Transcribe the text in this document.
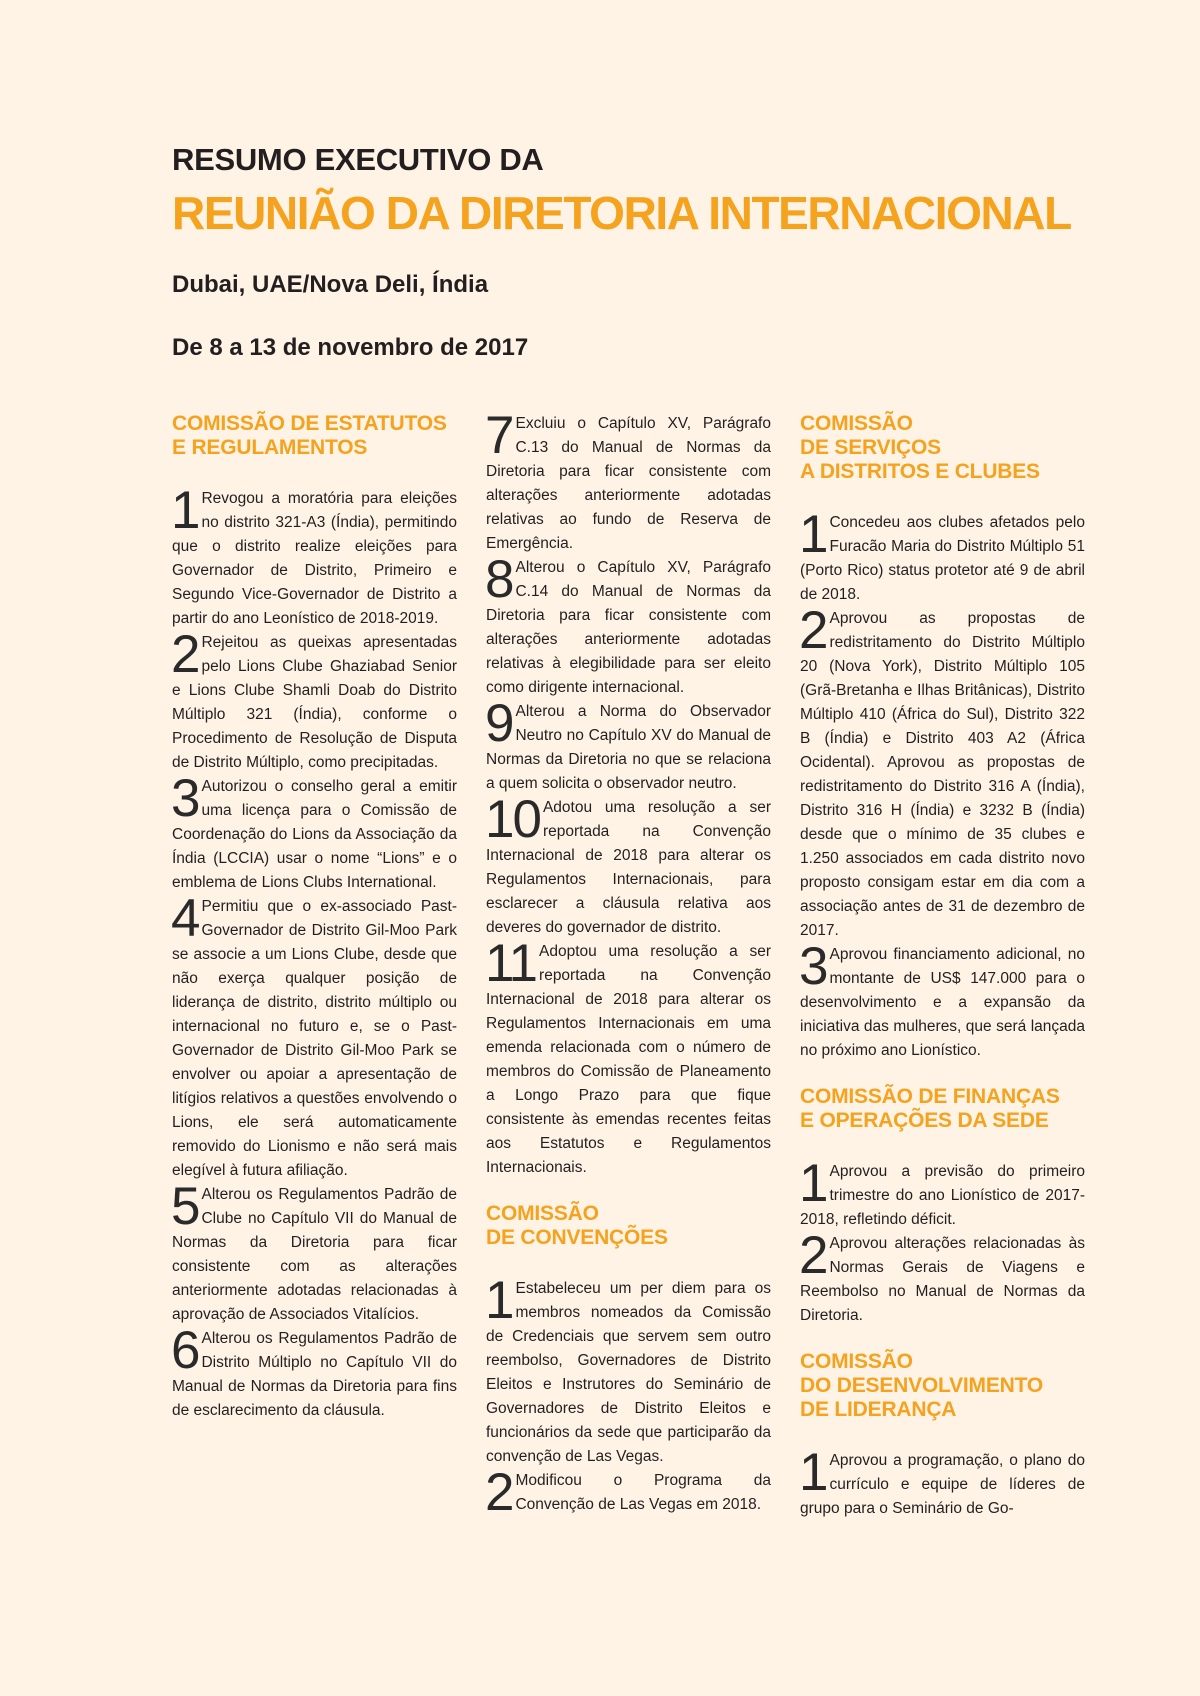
RESUMO EXECUTIVO DA
REUNIÃO DA DIRETORIA INTERNACIONAL

Dubai, UAE/Nova Deli, Índia

De 8 a 13 de novembro de 2017

COMISSÃO DE ESTATUTOS
E REGULAMENTOS

1 Revogou a moratória para eleições no distrito 321-A3 (Índia), permitindo que o distrito realize eleições para Governador de Distrito, Primeiro e Segundo Vice-Governador de Distrito a partir do ano Leonístico de 2018-2019.

2 Rejeitou as queixas apresentadas pelo Lions Clube Ghaziabad Senior e Lions Clube Shamli Doab do Distrito Múltiplo 321 (Índia), conforme o Procedimento de Resolução de Disputa de Distrito Múltiplo, como precipitadas.

3 Autorizou o conselho geral a emitir uma licença para o Comissão de Coordenação do Lions da Associação da Índia (LCCIA) usar o nome “Lions” e o emblema de Lions Clubs International.

4 Permitiu que o ex-associado Past-Governador de Distrito Gil-Moo Park se associe a um Lions Clube, desde que não exerça qualquer posição de liderança de distrito, distrito múltiplo ou internacional no futuro e, se o Past-Governador de Distrito Gil-Moo Park se envolver ou apoiar a apresentação de litígios relativos a questões envolvendo o Lions, ele será automaticamente removido do Lionismo e não será mais elegível à futura afiliação.

5 Alterou os Regulamentos Padrão de Clube no Capítulo VII do Manual de Normas da Diretoria para ficar consistente com as alterações anteriormente adotadas relacionadas à aprovação de Associados Vitalícios.

6 Alterou os Regulamentos Padrão de Distrito Múltiplo no Capítulo VII do Manual de Normas da Diretoria para fins de esclarecimento da cláusula.

7 Excluiu o Capítulo XV, Parágrafo C.13 do Manual de Normas da Diretoria para ficar consistente com alterações anteriormente adotadas relativas ao fundo de Reserva de Emergência.

8 Alterou o Capítulo XV, Parágrafo C.14 do Manual de Normas da Diretoria para ficar consistente com alterações anteriormente adotadas relativas à elegibilidade para ser eleito como dirigente internacional.

9 Alterou a Norma do Observador Neutro no Capítulo XV do Manual de Normas da Diretoria no que se relaciona a quem solicita o observador neutro.

10 Adotou uma resolução a ser reportada na Convenção Internacional de 2018 para alterar os Regulamentos Internacionais, para esclarecer a cláusula relativa aos deveres do governador de distrito.

11 Adoptou uma resolução a ser reportada na Convenção Internacional de 2018 para alterar os Regulamentos Internacionais em uma emenda relacionada com o número de membros do Comissão de Planeamento a Longo Prazo para que fique consistente às emendas recentes feitas aos Estatutos e Regulamentos Internacionais.

COMISSÃO
DE CONVENÇÕES

1 Estabeleceu um per diem para os membros nomeados da Comissão de Credenciais que servem sem outro reembolso, Governadores de Distrito Eleitos e Instrutores do Seminário de Governadores de Distrito Eleitos e funcionários da sede que participarão da convenção de Las Vegas.

2 Modificou o Programa da Convenção de Las Vegas em 2018.

COMISSÃO
DE SERVIÇOS
A DISTRITOS E CLUBES

1 Concedeu aos clubes afetados pelo Furacão Maria do Distrito Múltiplo 51 (Porto Rico) status protetor até 9 de abril de 2018.

2 Aprovou as propostas de redistritamento do Distrito Múltiplo 20 (Nova York), Distrito Múltiplo 105 (Grã-Bretanha e Ilhas Britânicas), Distrito Múltiplo 410 (África do Sul), Distrito 322 B (Índia) e Distrito 403 A2 (África Ocidental). Aprovou as propostas de redistritamento do Distrito 316 A (Índia), Distrito 316 H (Índia) e 3232 B (Índia) desde que o mínimo de 35 clubes e 1.250 associados em cada distrito novo proposto consigam estar em dia com a associação antes de 31 de dezembro de 2017.

3 Aprovou financiamento adicional, no montante de US$ 147.000 para o desenvolvimento e a expansão da iniciativa das mulheres, que será lançada no próximo ano Lionístico.

COMISSÃO DE FINANÇAS
E OPERAÇÕES DA SEDE

1 Aprovou a previsão do primeiro trimestre do ano Lionístico de 2017-2018, refletindo déficit.

2 Aprovou alterações relacionadas às Normas Gerais de Viagens e Reembolso no Manual de Normas da Diretoria.

COMISSÃO
DO DESENVOLVIMENTO
DE LIDERANÇA

1 Aprovou a programação, o plano do currículo e equipe de líderes de grupo para o Seminário de Go-
